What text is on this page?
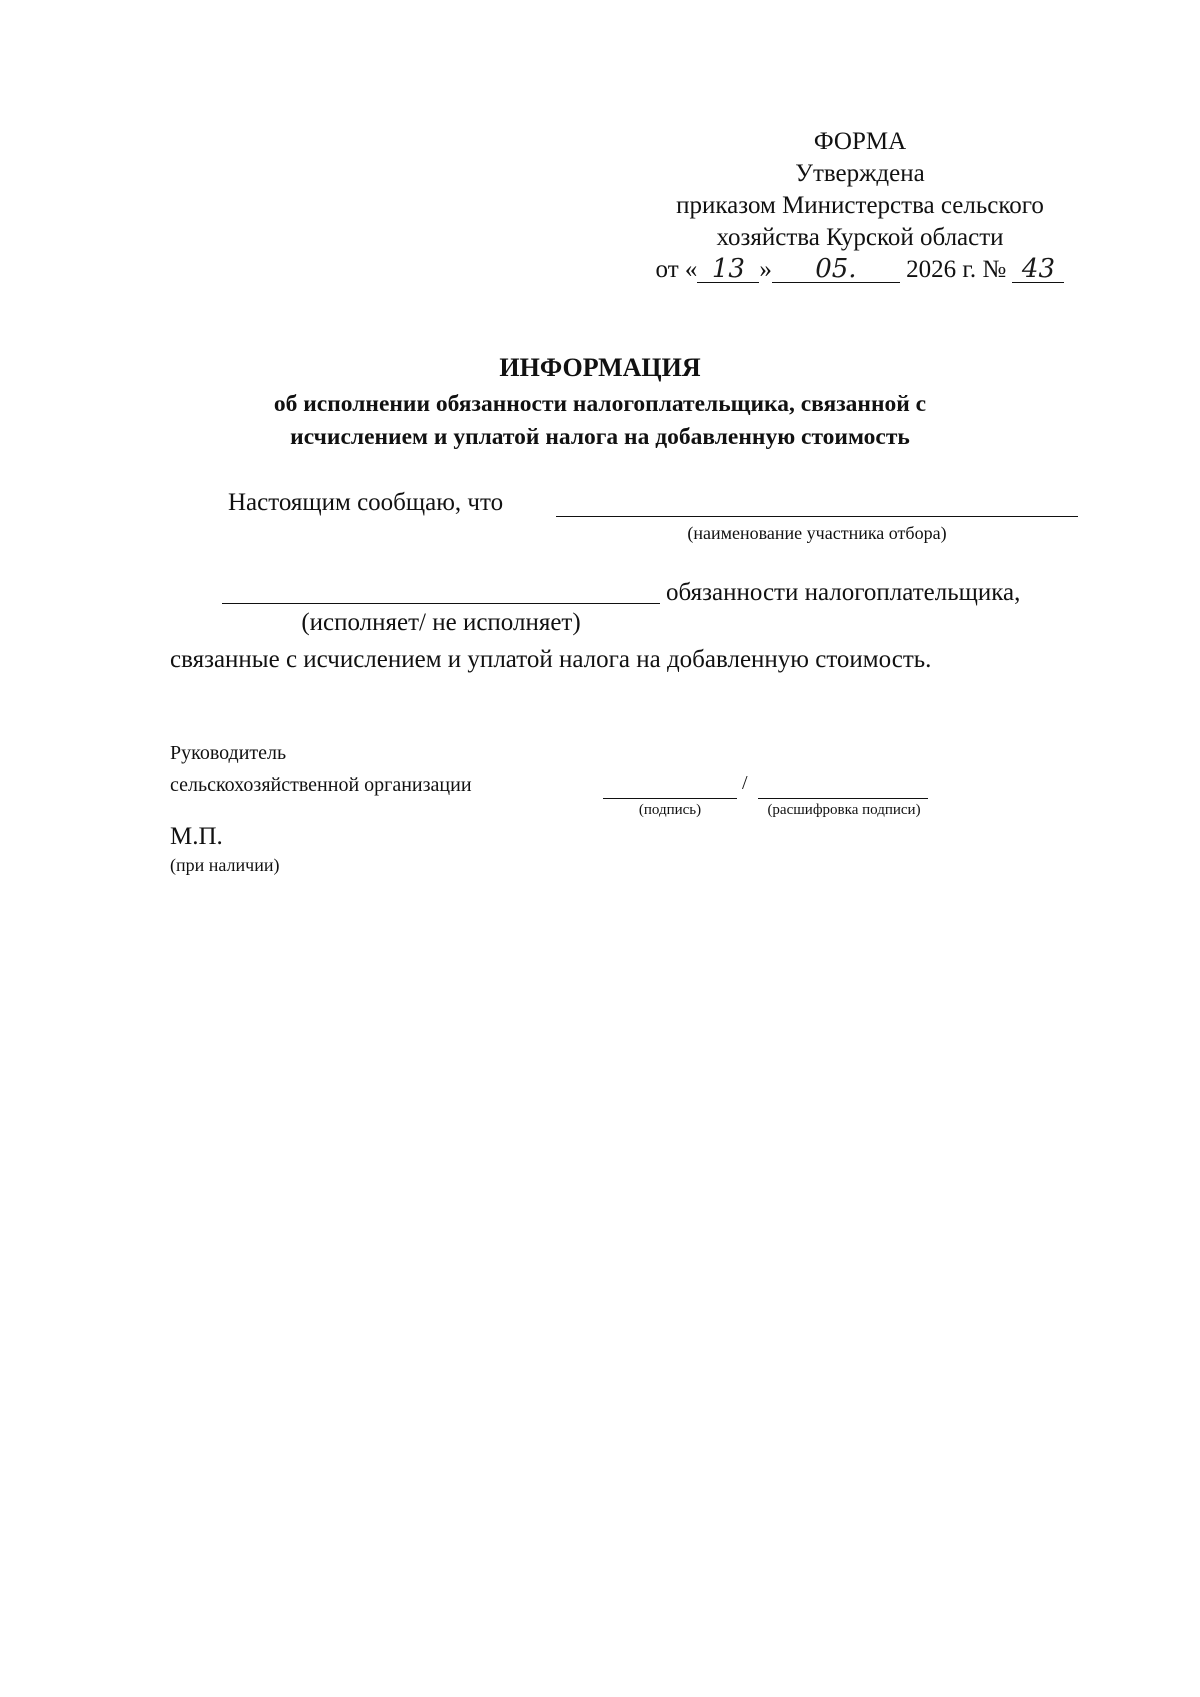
ФОРМА
Утверждена
приказом Министерства сельского
хозяйства Курской области
от « 13 » 05. 2026 г. № 43
ИНФОРМАЦИЯ
об исполнении обязанности налогоплательщика, связанной с
исчислением и уплатой налога на добавленную стоимость
Настоящим сообщаю, что
(наименование участника отбора)
обязанности налогоплательщика,
(исполняет/ не исполняет)
связанные с исчислением и уплатой налога на добавленную стоимость.
Руководитель
сельскохозяйственной организации	/
(подпись)	(расшифровка подписи)
М.П.
(при наличии)
